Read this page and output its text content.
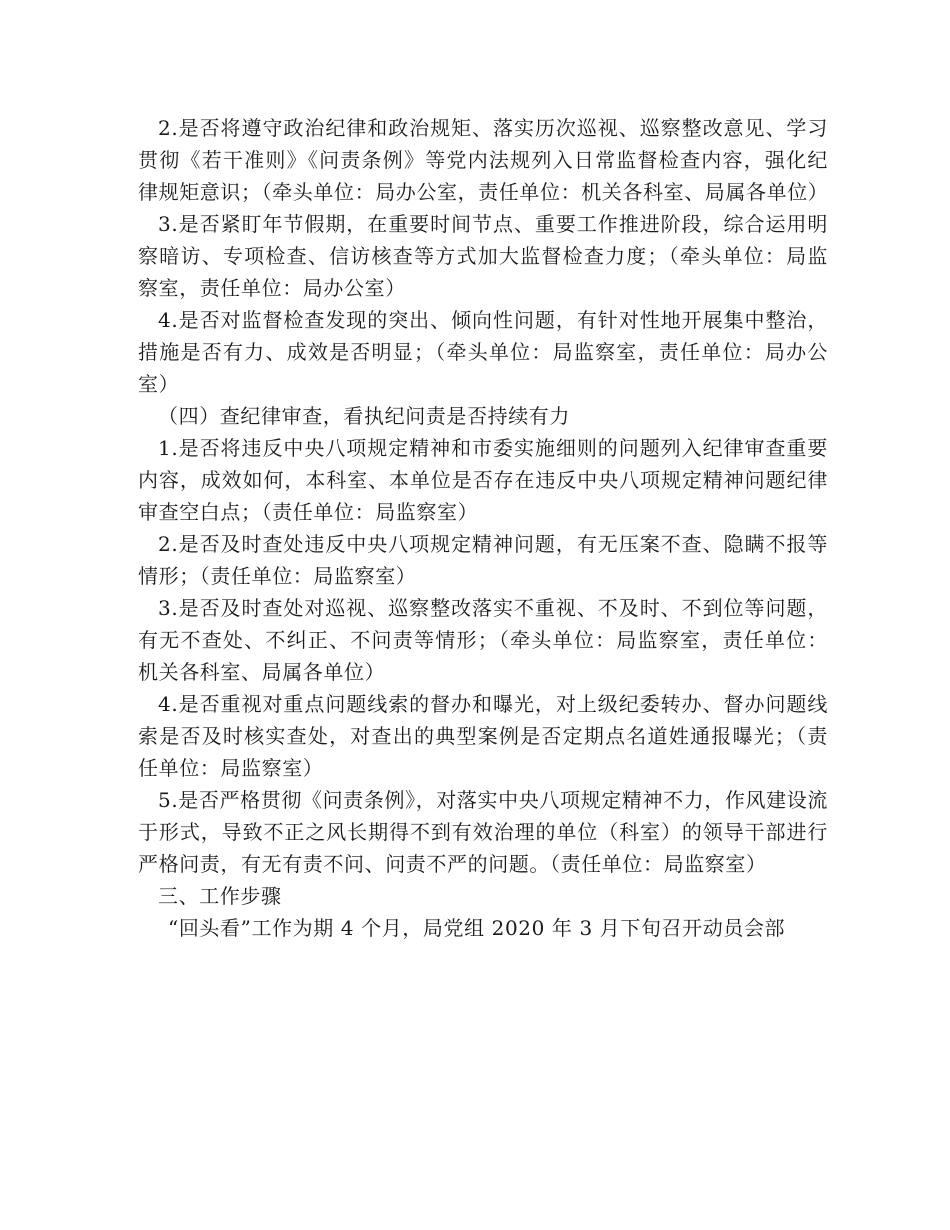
2.是否将遵守政治纪律和政治规矩、落实历次巡视、巡察整改意见、学习贯彻《若干准则》《问责条例》等党内法规列入日常监督检查内容，强化纪律规矩意识；（牵头单位：局办公室，责任单位：机关各科室、局属各单位）

3.是否紧盯年节假期，在重要时间节点、重要工作推进阶段，综合运用明察暗访、专项检查、信访核查等方式加大监督检查力度；（牵头单位：局监察室，责任单位：局办公室）

4.是否对监督检查发现的突出、倾向性问题，有针对性地开展集中整治，措施是否有力、成效是否明显；（牵头单位：局监察室，责任单位：局办公室）

（四）查纪律审查，看执纪问责是否持续有力

1.是否将违反中央八项规定精神和市委实施细则的问题列入纪律审查重要内容，成效如何，本科室、本单位是否存在违反中央八项规定精神问题纪律审查空白点；（责任单位：局监察室）

2.是否及时查处违反中央八项规定精神问题，有无压案不查、隐瞒不报等情形；（责任单位：局监察室）

3.是否及时查处对巡视、巡察整改落实不重视、不及时、不到位等问题，有无不查处、不纠正、不问责等情形；（牵头单位：局监察室，责任单位：机关各科室、局属各单位）

4.是否重视对重点问题线索的督办和曝光，对上级纪委转办、督办问题线索是否及时核实查处，对查出的典型案例是否定期点名道姓通报曝光；（责任单位：局监察室）

5.是否严格贯彻《问责条例》，对落实中央八项规定精神不力，作风建设流于形式，导致不正之风长期得不到有效治理的单位（科室）的领导干部进行严格问责，有无有责不问、问责不严的问题。（责任单位：局监察室）

三、工作步骤

“回头看”工作为期 4 个月，局党组 2020 年 3 月下旬召开动员会部
